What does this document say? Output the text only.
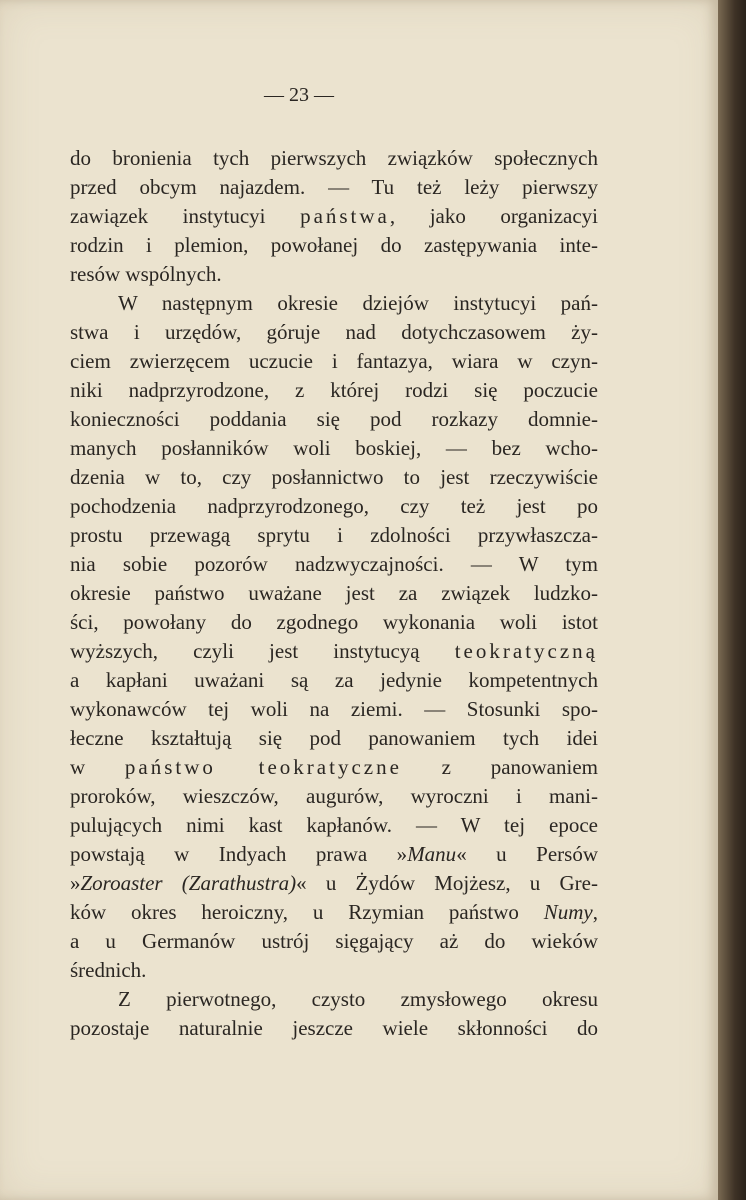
— 23 —
do bronienia tych pierwszych związków społecznych
przed obcym najazdem. — Tu też leży pierwszy
zawiązek instytucyi państwa, jako organizacyi
rodzin i plemion, powołanej do zastępywania inte-
resów wspólnych.
W następnym okresie dziejów instytucyi pań-
stwa i urzędów, góruje nad dotychczasowem ży-
ciem zwierzęcem uczucie i fantazya, wiara w czyn-
niki nadprzyrodzone, z której rodzi się poczucie
konieczności poddania się pod rozkazy domnie-
manych posłanników woli boskiej, — bez wcho-
dzenia w to, czy posłannictwo to jest rzeczywiście
pochodzenia nadprzyrodzonego, czy też jest po
prostu przewagą sprytu i zdolności przywłaszcza-
nia sobie pozorów nadzwyczajności. — W tym
okresie państwo uważane jest za związek ludzko-
ści, powołany do zgodnego wykonania woli istot
wyższych, czyli jest instytucyą teokratyczną
a kapłani uważani są za jedynie kompetentnych
wykonawców tej woli na ziemi. — Stosunki spo-
łeczne kształtują się pod panowaniem tych idei
w państwo teokratyczne z panowaniem
proroków, wieszczów, augurów, wyroczni i mani-
pulujących nimi kast kapłanów. — W tej epoce
powstają w Indyach prawa »Manu« u Persów
»Zoroaster (Zarathustra)« u Żydów Mojżesz, u Gre-
ków okres heroiczny, u Rzymian państwo Numy,
a u Germanów ustrój sięgający aż do wieków
średnich.
Z pierwotnego, czysto zmysłowego okresu
pozostaje naturalnie jeszcze wiele skłonności do
